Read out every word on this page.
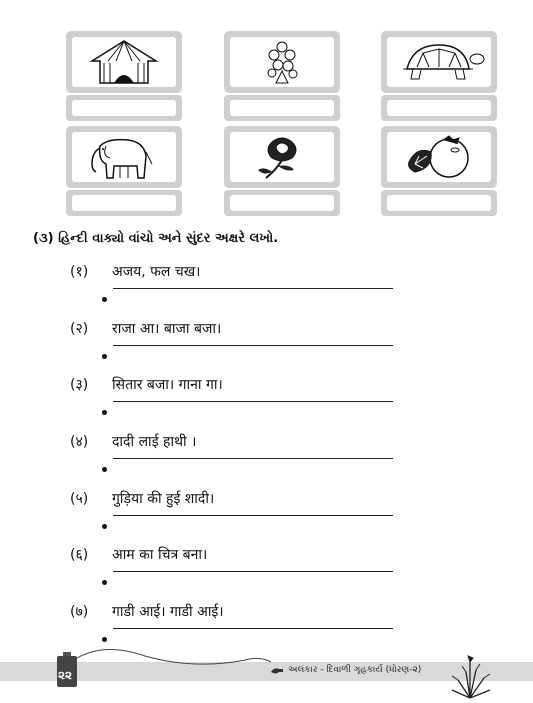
(૩) હિન્દી વાક્યો વાંચો અને સુંદર અક્ષરે લખો.
(१) अजय, फल चख।
(२) राजा आ। बाजा बजा।
(३) सितार बजा। गाना गा।
(४) दादी लाई हाथी ।
(५) गुड़िया की हुई शादी।
(६) आम का चित्र बना।
(७) गाडी आई। गाडी आई।
૨૨	અલંકાર - દિવાળી ગૃહકાર્ય (ધોરણ-૨)
